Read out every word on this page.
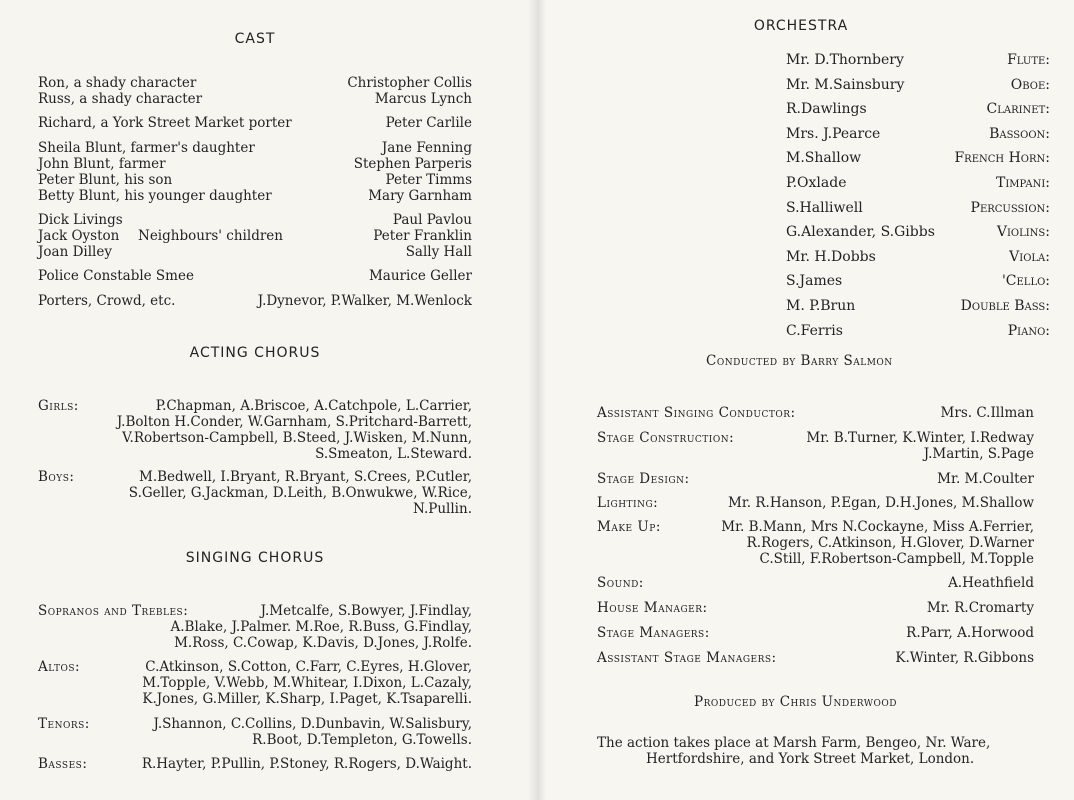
CAST
Ron, a shady character	Christopher Collis
Russ, a shady character	Marcus Lynch
Richard, a York Street Market porter	Peter Carlile
Sheila Blunt, farmer's daughter	Jane Fenning
John Blunt, farmer	Stephen Parperis
Peter Blunt, his son	Peter Timms
Betty Blunt, his younger daughter	Mary Garnham
Dick Livings	Paul Pavlou
Jack Oyston Neighbours' children	Peter Franklin
Joan Dilley	Sally Hall
Police Constable Smee	Maurice Geller
Porters, Crowd, etc.	J.Dynevor, P.Walker, M.Wenlock
ACTING CHORUS
Girls:	P.Chapman, A.Briscoe, A.Catchpole, L.Carrier,
J.Bolton H.Conder, W.Garnham, S.Pritchard-Barrett,
V.Robertson-Campbell, B.Steed, J.Wisken, M.Nunn,
S.Smeaton, L.Steward.
Boys:	M.Bedwell, I.Bryant, R.Bryant, S.Crees, P.Cutler,
S.Geller, G.Jackman, D.Leith, B.Onwukwe, W.Rice,
N.Pullin.
SINGING CHORUS
Sopranos and Trebles:	J.Metcalfe, S.Bowyer, J.Findlay,
A.Blake, J.Palmer. M.Roe, R.Buss, G.Findlay,
M.Ross, C.Cowap, K.Davis, D.Jones, J.Rolfe.
Altos:	C.Atkinson, S.Cotton, C.Farr, C.Eyres, H.Glover,
M.Topple, V.Webb, M.Whitear, I.Dixon, L.Cazaly,
K.Jones, G.Miller, K.Sharp, I.Paget, K.Tsaparelli.
Tenors:	J.Shannon, C.Collins, D.Dunbavin, W.Salisbury,
R.Boot, D.Templeton, G.Towells.
Basses:	R.Hayter, P.Pullin, P.Stoney, R.Rogers, D.Waight.
ORCHESTRA
Flute:
Mr. D.Thornbery
Oboe:
Mr. M.Sainsbury
Clarinet:
R.Dawlings
Bassoon:
Mrs. J.Pearce
French Horn:
M.Shallow
Timpani:
P.Oxlade
Percussion:
S.Halliwell
Violins:
G.Alexander, S.Gibbs
Viola:
Mr. H.Dobbs
'Cello:
S.James
Double Bass:
M. P.Brun
Piano:
C.Ferris
Conducted by Barry Salmon
Assistant Singing Conductor:	Mrs. C.Illman
Stage Construction:	Mr. B.Turner, K.Winter, I.Redway
J.Martin, S.Page
Stage Design:	Mr. M.Coulter
Lighting:	Mr. R.Hanson, P.Egan, D.H.Jones, M.Shallow
Make Up:	Mr. B.Mann, Mrs N.Cockayne, Miss A.Ferrier,
R.Rogers, C.Atkinson, H.Glover, D.Warner
C.Still, F.Robertson-Campbell, M.Topple
Sound:	A.Heathfield
House Manager:	Mr. R.Cromarty
Stage Managers:	R.Parr, A.Horwood
Assistant Stage Managers:	K.Winter, R.Gibbons
Produced by Chris Underwood
The action takes place at Marsh Farm, Bengeo, Nr. Ware,
Hertfordshire, and York Street Market, London.
